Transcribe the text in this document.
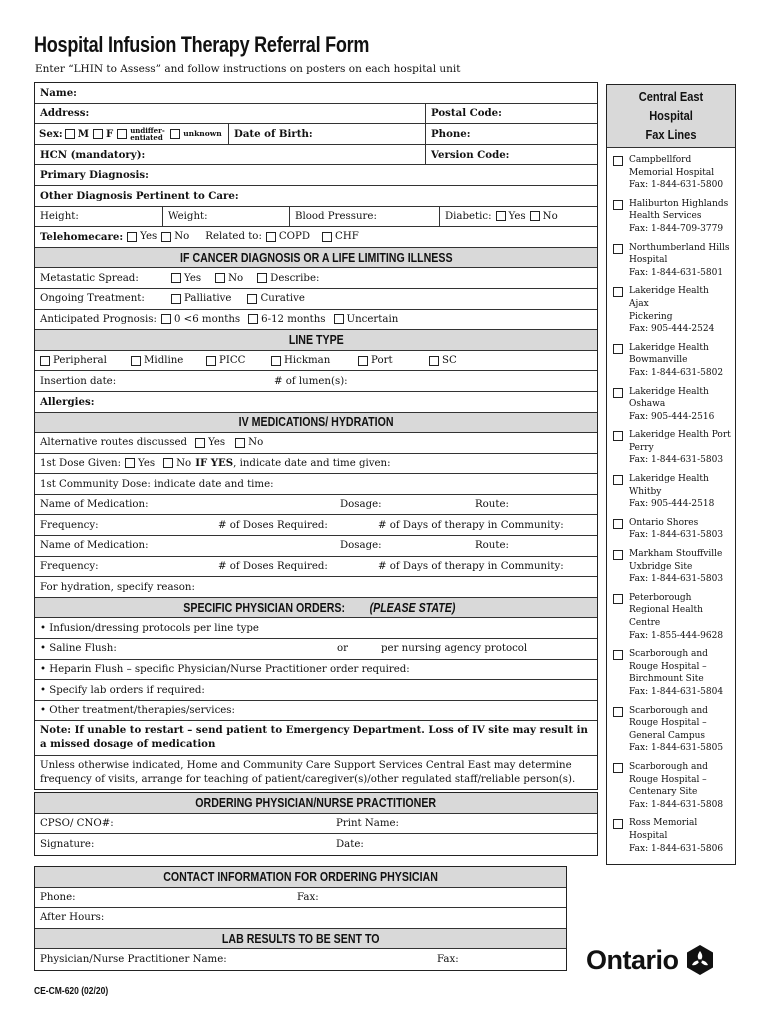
Hospital Infusion Therapy Referral Form
Enter “LHIN to Assess” and follow instructions on posters on each hospital unit
Name:
Address:	Postal Code:
Sex: M F undiffer-entiated	unknown	Date of Birth:	Phone:
HCN (mandatory):	Version Code:
Primary Diagnosis:
Other Diagnosis Pertinent to Care:
Height:	Weight:	Blood Pressure:	Diabetic: Yes No
Telehomecare: Yes No Related to: COPD CHF
IF CANCER DIAGNOSIS OR A LIFE LIMITING ILLNESS
Metastatic Spread:	Yes	No	Describe:
Ongoing Treatment:	Palliative	Curative
Anticipated Prognosis: 0 <6 months 6-12 months Uncertain
LINE TYPE
Peripheral	Midline	PICC	Hickman	Port	SC
Insertion date:	# of lumen(s):
Allergies:
IV MEDICATIONS/ HYDRATION
Alternative routes discussed Yes No
1st Dose Given: Yes No IF YES , indicate date and time given:
1st Community Dose: indicate date and time:
Name of Medication:	Dosage:	Route:
Frequency:	# of Doses Required:	# of Days of therapy in Community:
Name of Medication:	Dosage:	Route:
Frequency:	# of Doses Required:	# of Days of therapy in Community:
For hydration, specify reason:
SPECIFIC PHYSICIAN ORDERS:
(PLEASE STATE)
• Infusion/dressing protocols per line type
• Saline Flush:	or	per nursing agency protocol
• Heparin Flush – specific Physician/Nurse Practitioner order required:
• Specify lab orders if required:
• Other treatment/therapies/services:
Note: If unable to restart – send patient to Emergency Department. Loss of IV site may result in a missed dosage of medication
Unless otherwise indicated, Home and Community Care Support Services Central East may determine frequency of visits, arrange for teaching of patient/caregiver(s)/other regulated staff/reliable person(s).
ORDERING PHYSICIAN/NURSE PRACTITIONER
CPSO/ CNO#:	Print Name:
Signature:	Date:
CONTACT INFORMATION FOR ORDERING PHYSICIAN
Phone:	Fax:
After Hours:
LAB RESULTS TO BE SENT TO
Physician/Nurse Practitioner Name:	Fax:
Central East Hospital
Fax Lines
Campbellford
Memorial Hospital
Fax: 1-844-631-5800
Haliburton Highlands
Health Services
Fax: 1-844-709-3779
Northumberland Hills
Hospital
Fax: 1-844-631-5801
Lakeridge Health Ajax
Pickering
Fax: 905-444-2524
Lakeridge Health
Bowmanville
Fax: 1-844-631-5802
Lakeridge Health
Oshawa
Fax: 905-444-2516
Lakeridge Health Port
Perry
Fax: 1-844-631-5803
Lakeridge Health
Whitby
Fax: 905-444-2518
Ontario Shores
Fax: 1-844-631-5803
Markham Stouffville
Uxbridge Site
Fax: 1-844-631-5803
Peterborough
Regional Health
Centre
Fax: 1-855-444-9628
Scarborough and
Rouge Hospital –
Birchmount Site
Fax: 1-844-631-5804
Scarborough and
Rouge Hospital –
General Campus
Fax: 1-844-631-5805
Scarborough and
Rouge Hospital –
Centenary Site
Fax: 1-844-631-5808
Ross Memorial
Hospital
Fax: 1-844-631-5806
CE-CM-620 (02/20)
Ontario
